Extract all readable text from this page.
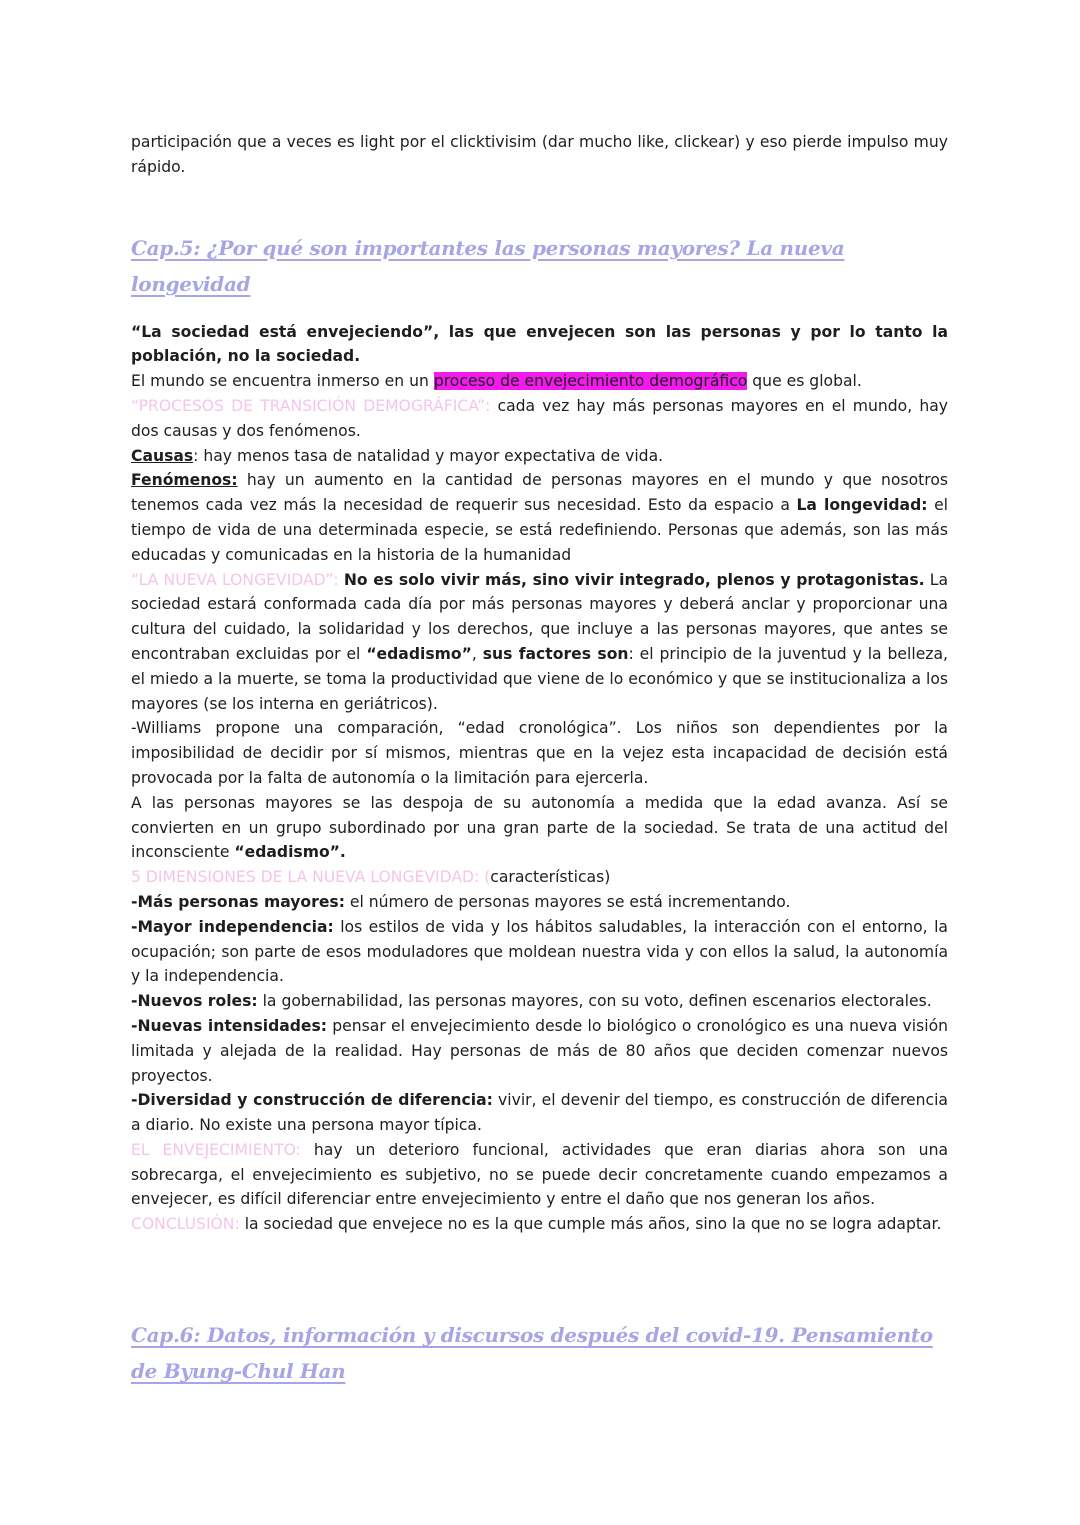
participación que a veces es light por el clicktivisim (dar mucho like, clickear) y eso pierde impulso muy rápido.

Cap.5: ¿Por qué son importantes las personas mayores? La nueva longevidad

“La sociedad está envejeciendo”, las que envejecen son las personas y por lo tanto la población, no la sociedad.

El mundo se encuentra inmerso en un proceso de envejecimiento demográfico que es global.

“PROCESOS DE TRANSICIÓN DEMOGRÁFICA”: cada vez hay más personas mayores en el mundo, hay dos causas y dos fenómenos.

Causas: hay menos tasa de natalidad y mayor expectativa de vida.

Fenómenos: hay un aumento en la cantidad de personas mayores en el mundo y que nosotros tenemos cada vez más la necesidad de requerir sus necesidad. Esto da espacio a La longevidad: el tiempo de vida de una determinada especie, se está redefiniendo. Personas que además, son las más educadas y comunicadas en la historia de la humanidad

“LA NUEVA LONGEVIDAD”: No es solo vivir más, sino vivir integrado, plenos y protagonistas. La sociedad estará conformada cada día por más personas mayores y deberá anclar y proporcionar una cultura del cuidado, la solidaridad y los derechos, que incluye a las personas mayores, que antes se encontraban excluidas por el “edadismo”, sus factores son: el principio de la juventud y la belleza, el miedo a la muerte, se toma la productividad que viene de lo económico y que se institucionaliza a los mayores (se los interna en geriátricos).

-Williams propone una comparación, “edad cronológica”. Los niños son dependientes por la imposibilidad de decidir por sí mismos, mientras que en la vejez esta incapacidad de decisión está provocada por la falta de autonomía o la limitación para ejercerla.

A las personas mayores se las despoja de su autonomía a medida que la edad avanza. Así se convierten en un grupo subordinado por una gran parte de la sociedad. Se trata de una actitud del inconsciente “edadismo”.

5 DIMENSIONES DE LA NUEVA LONGEVIDAD: (características)

-Más personas mayores: el número de personas mayores se está incrementando.

-Mayor independencia: los estilos de vida y los hábitos saludables, la interacción con el entorno, la ocupación; son parte de esos moduladores que moldean nuestra vida y con ellos la salud, la autonomía y la independencia.

-Nuevos roles: la gobernabilidad, las personas mayores, con su voto, definen escenarios electorales.

-Nuevas intensidades: pensar el envejecimiento desde lo biológico o cronológico es una nueva visión limitada y alejada de la realidad. Hay personas de más de 80 años que deciden comenzar nuevos proyectos.

-Diversidad y construcción de diferencia: vivir, el devenir del tiempo, es construcción de diferencia a diario. No existe una persona mayor típica.

EL ENVEJECIMIENTO: hay un deterioro funcional, actividades que eran diarias ahora son una sobrecarga, el envejecimiento es subjetivo, no se puede decir concretamente cuando empezamos a envejecer, es difícil diferenciar entre envejecimiento y entre el daño que nos generan los años.

CONCLUSIÓN: la sociedad que envejece no es la que cumple más años, sino la que no se logra adaptar.

Cap.6: Datos, información y discursos después del covid-19. Pensamiento de Byung-Chul Han
